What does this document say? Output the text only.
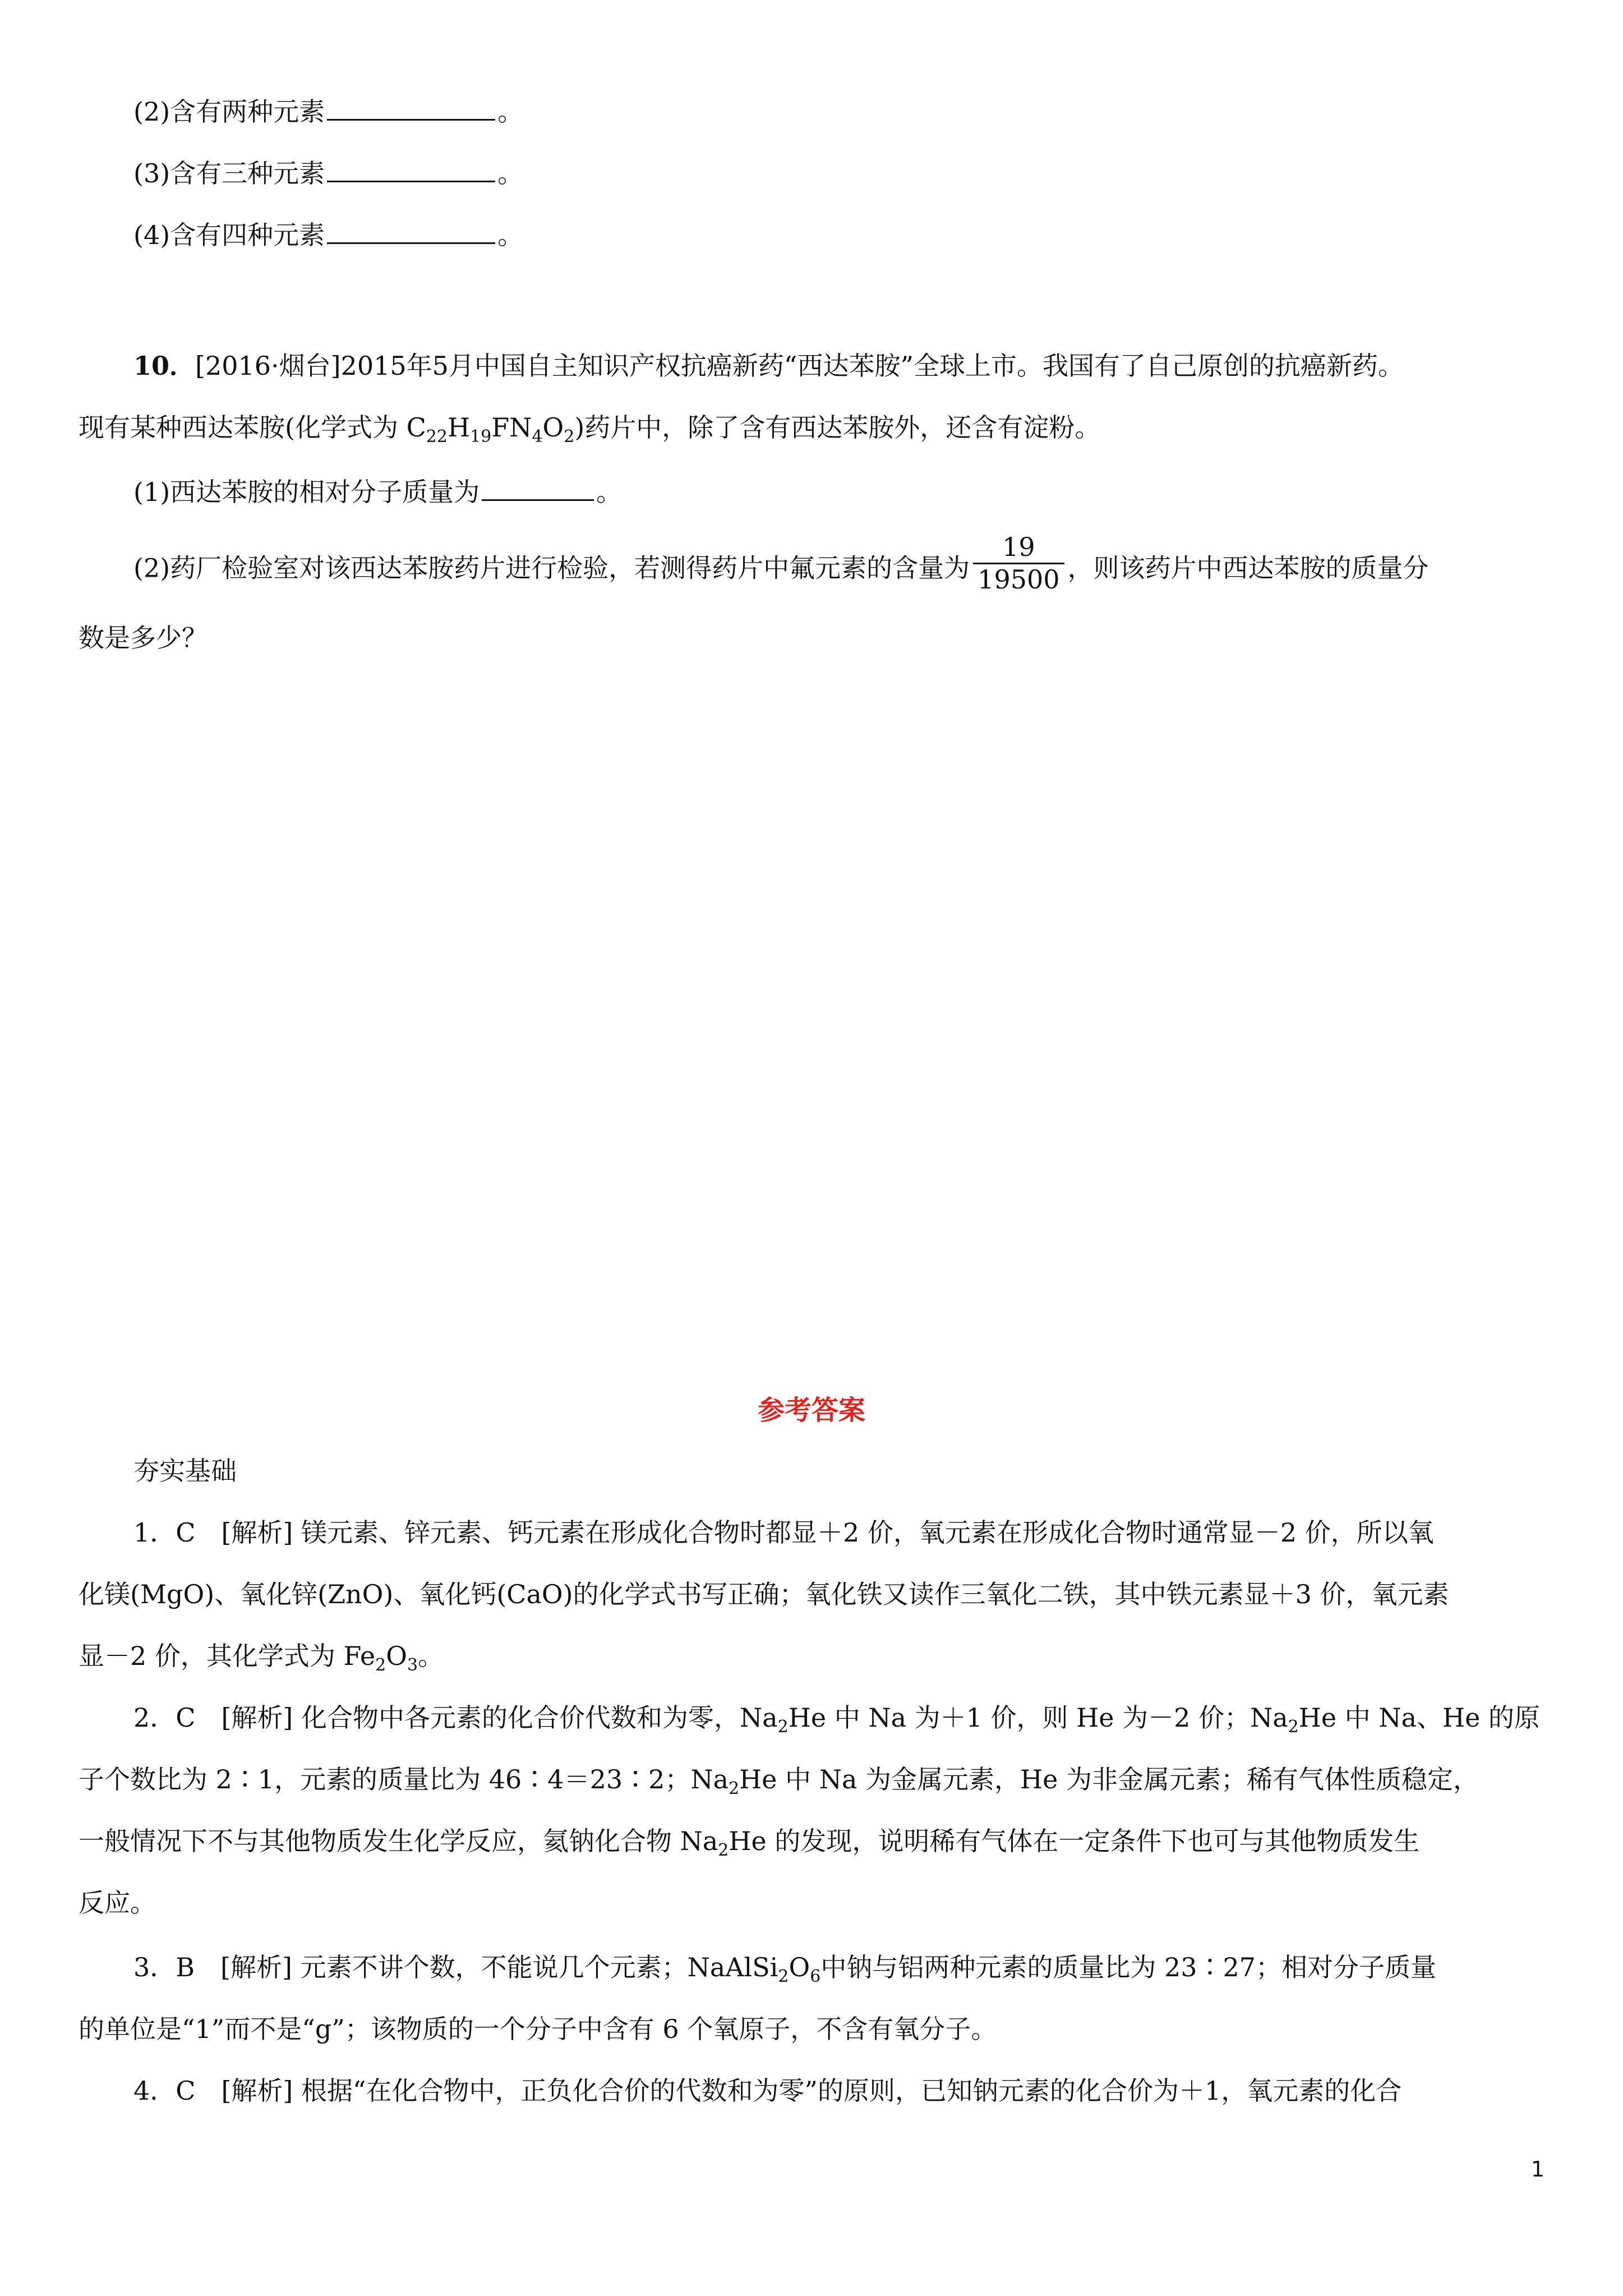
(2)含有两种元素	。
(3)含有三种元素	。
(4)含有四种元素	。
10．[2016·烟台]2015年5月中国自主知识产权抗癌新药“西达苯胺”全球上市。我国有了自己原创的抗癌新药。
现有某种西达苯胺(化学式为 $C_{22}H_{19}FN_4O_2$)药片中，除了含有西达苯胺外，还含有淀粉。
(1)西达苯胺的相对分子质量为	。
(2)药厂检验室对该西达苯胺药片进行检验，若测得药片中氟元素的含量为 $\frac{19}{19500}$ ，则该药片中西达苯胺的质量分
数是多少？
参考答案
夯实基础
1．C　[解析] 镁元素、锌元素、钙元素在形成化合物时都显＋2 价，氧元素在形成化合物时通常显－2 价，所以氧
化镁(MgO)、氧化锌(ZnO)、氧化钙(CaO)的化学式书写正确；氧化铁又读作三氧化二铁，其中铁元素显＋3 价，氧元素
显－2 价，其化学式为 $Fe_2O_3$。
2．C　[解析] 化合物中各元素的化合价代数和为零，$Na_2He$ 中 Na 为＋1 价，则 He 为－2 价；$Na_2He$ 中 Na、He 的原
子个数比为 2∶1，元素的质量比为 46∶4＝23∶2；$Na_2He$ 中 Na 为金属元素，He 为非金属元素；稀有气体性质稳定，
一般情况下不与其他物质发生化学反应，氦钠化合物 $Na_2He$ 的发现，说明稀有气体在一定条件下也可与其他物质发生
反应。
3．B　[解析] 元素不讲个数，不能说几个元素；$NaAlSi_2O_6$中钠与铝两种元素的质量比为 23∶27；相对分子质量
的单位是“1”而不是“g”；该物质的一个分子中含有 6 个氧原子，不含有氧分子。
4．C　[解析] 根据“在化合物中，正负化合价的代数和为零”的原则，已知钠元素的化合价为＋1，氧元素的化合
1
